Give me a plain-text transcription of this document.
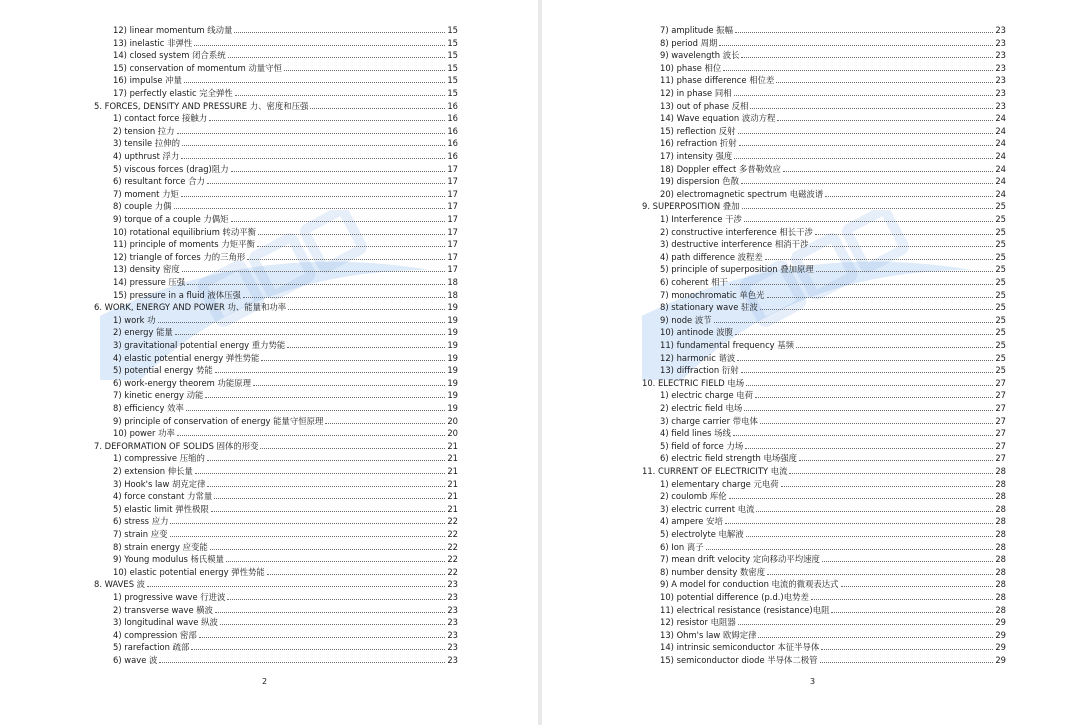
12) linear momentum 线动量	15
13) inelastic 非弹性	15
14) closed system 闭合系统	15
15) conservation of momentum 动量守恒	15
16) impulse 冲量	15
17) perfectly elastic 完全弹性	15
5. FORCES, DENSITY AND PRESSURE 力、密度和压强	16
1) contact force 接触力	16
2) tension 拉力	16
3) tensile 拉伸的	16
4) upthrust 浮力	16
5) viscous forces (drag)阻力	17
6) resultant force 合力	17
7) moment 力矩	17
8) couple 力偶	17
9) torque of a couple 力偶矩	17
10) rotational equilibrium 转动平衡	17
11) principle of moments 力矩平衡	17
12) triangle of forces 力的三角形	17
13) density 密度	17
14) pressure 压强	18
15) pressure in a fluid 液体压强	18
6. WORK, ENERGY AND POWER 功、能量和功率	19
1) work 功	19
2) energy 能量	19
3) gravitational potential energy 重力势能	19
4) elastic potential energy 弹性势能	19
5) potential energy 势能	19
6) work-energy theorem 功能原理	19
7) kinetic energy 动能	19
8) efficiency 效率	19
9) principle of conservation of energy 能量守恒原理	20
10) power 功率	20
7. DEFORMATION OF SOLIDS 固体的形变	21
1) compressive 压缩的	21
2) extension 伸长量	21
3) Hook's law 胡克定律	21
4) force constant 力常量	21
5) elastic limit 弹性极限	21
6) stress 应力	22
7) strain 应变	22
8) strain energy 应变能	22
9) Young modulus 杨氏模量	22
10) elastic potential energy 弹性势能	22
8. WAVES 波	23
1) progressive wave 行进波	23
2) transverse wave 横波	23
3) longitudinal wave 纵波	23
4) compression 密部	23
5) rarefaction 疏部	23
6) wave 波	23
2
7) amplitude 振幅	23
8) period 周期	23
9) wavelength 波长	23
10) phase 相位	23
11) phase difference 相位差	23
12) in phase 同相	23
13) out of phase 反相	23
14) Wave equation 波动方程	24
15) reflection 反射	24
16) refraction 折射	24
17) intensity 强度	24
18) Doppler effect 多普勒效应	24
19) dispersion 色散	24
20) electromagnetic spectrum 电磁波谱	24
9. SUPERPOSITION 叠加	25
1) Interference 干涉	25
2) constructive interference 相长干涉	25
3) destructive interference 相消干涉	25
4) path difference 波程差	25
5) principle of superposition 叠加原理	25
6) coherent 相干	25
7) monochromatic 单色光	25
8) stationary wave 驻波	25
9) node 波节	25
10) antinode 波腹	25
11) fundamental frequency 基频	25
12) harmonic 谐波	25
13) diffraction 衍射	25
10. ELECTRIC FIELD 电场	27
1) electric charge 电荷	27
2) electric field 电场	27
3) charge carrier 带电体	27
4) field lines 场线	27
5) field of force 力场	27
6) electric field strength 电场强度	27
11. CURRENT OF ELECTRICITY 电流	28
1) elementary charge 元电荷	28
2) coulomb 库伦	28
3) electric current 电流	28
4) ampere 安培	28
5) electrolyte 电解液	28
6) Ion 离子	28
7) mean drift velocity 定向移动平均速度	28
8) number density 数密度	28
9) A model for conduction 电流的微观表达式	28
10) potential difference (p.d.)电势差	28
11) electrical resistance (resistance)电阻	28
12) resistor 电阻器	29
13) Ohm's law 欧姆定律	29
14) intrinsic semiconductor 本征半导体	29
15) semiconductor diode 半导体二极管	29
3
